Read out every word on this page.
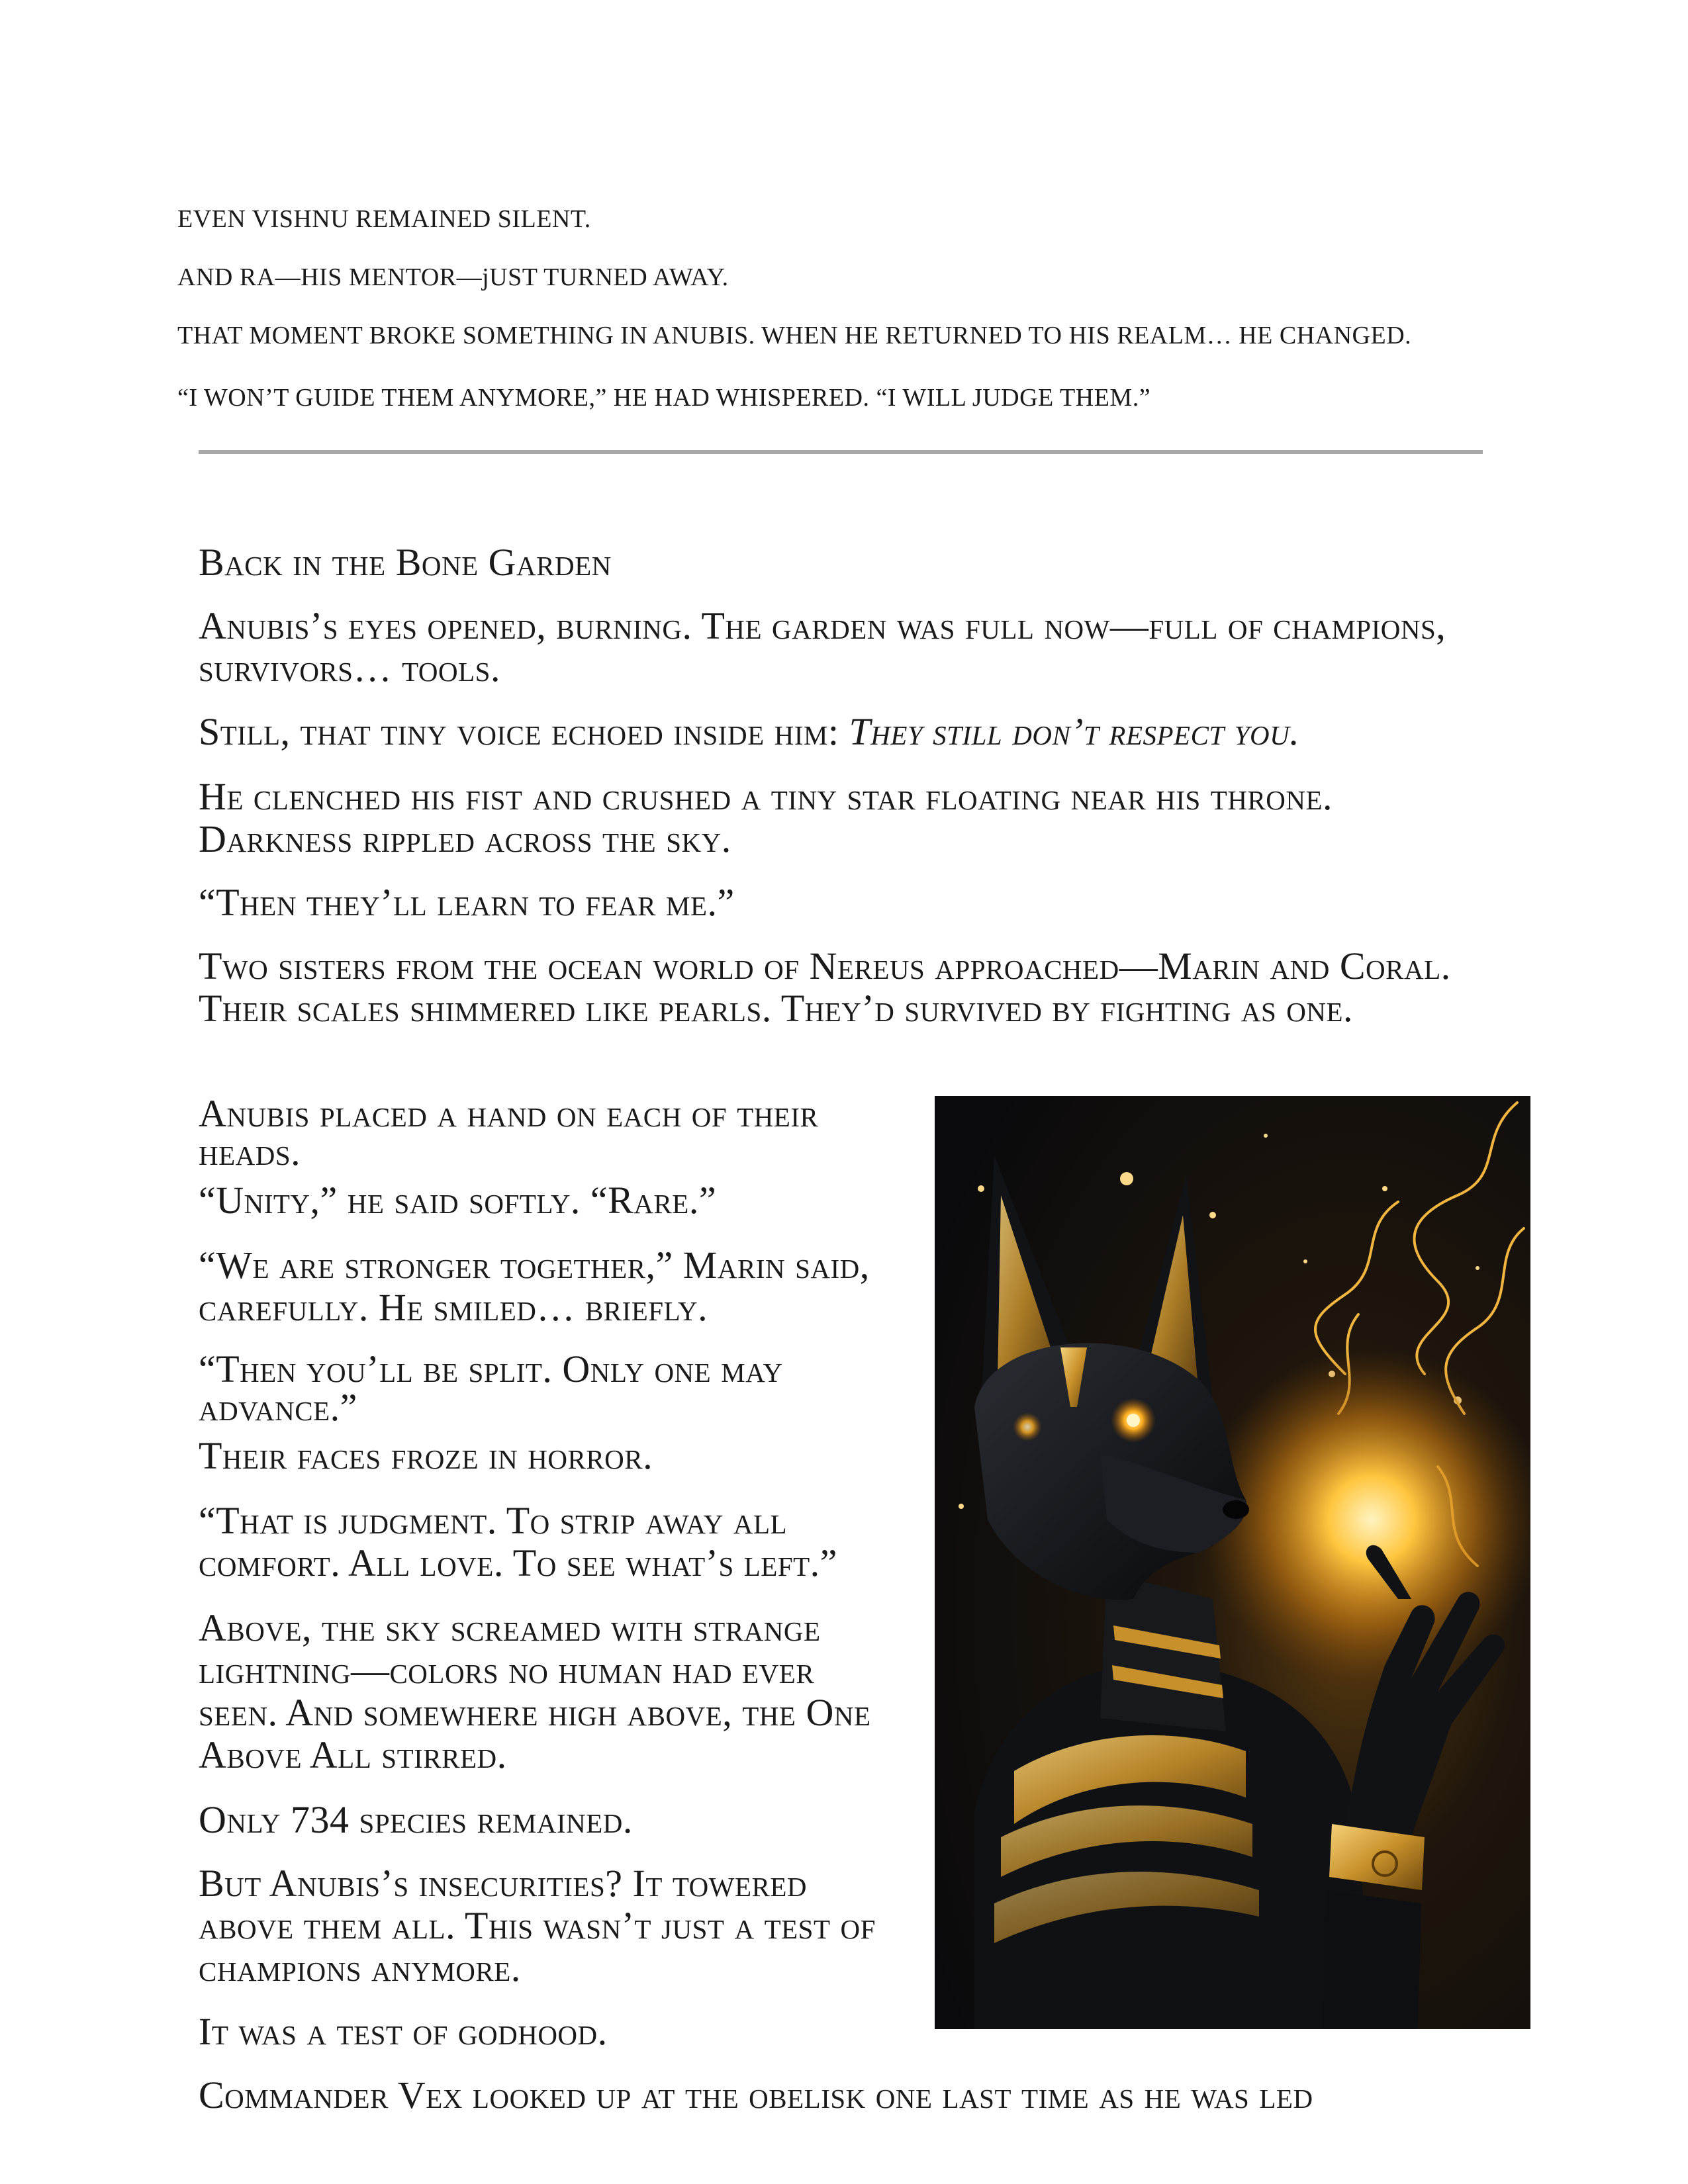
EVEN VISHNU REMAINED SILENT.

AND RA—HIS MENTOR—jUST TURNED AWAY.

THAT MOMENT BROKE SOMETHING IN ANUBIS. WHEN HE RETURNED TO HIS REALM… HE CHANGED.

“I WON’T GUIDE THEM ANYMORE,” HE HAD WHISPERED. “I WILL JUDGE THEM.”

Back in the Bone Garden

Anubis’s eyes opened, burning. The garden was full now—full of champions, survivors… tools.

Still, that tiny voice echoed inside him: They still don’t respect you.

He clenched his fist and crushed a tiny star floating near his throne. Darkness rippled across the sky.

“Then they’ll learn to fear me.”

Two sisters from the ocean world of Nereus approached—Marin and Coral. Their scales shimmered like pearls. They’d survived by fighting as one.

Anubis placed a hand on each of their heads.

“Unity,” he said softly. “Rare.”

“We are stronger together,” Marin said, carefully. He smiled… briefly.

“Then you’ll be split. Only one may advance.”

Their faces froze in horror.

“That is judgment. To strip away all comfort. All love. To see what’s left.”

Above, the sky screamed with strange lightning—colors no human had ever seen. And somewhere high above, the One Above All stirred.

Only 734 species remained.

But Anubis’s insecurities? It towered above them all. This wasn’t just a test of champions anymore.

It was a test of godhood.

Commander Vex looked up at the obelisk one last time as he was led
